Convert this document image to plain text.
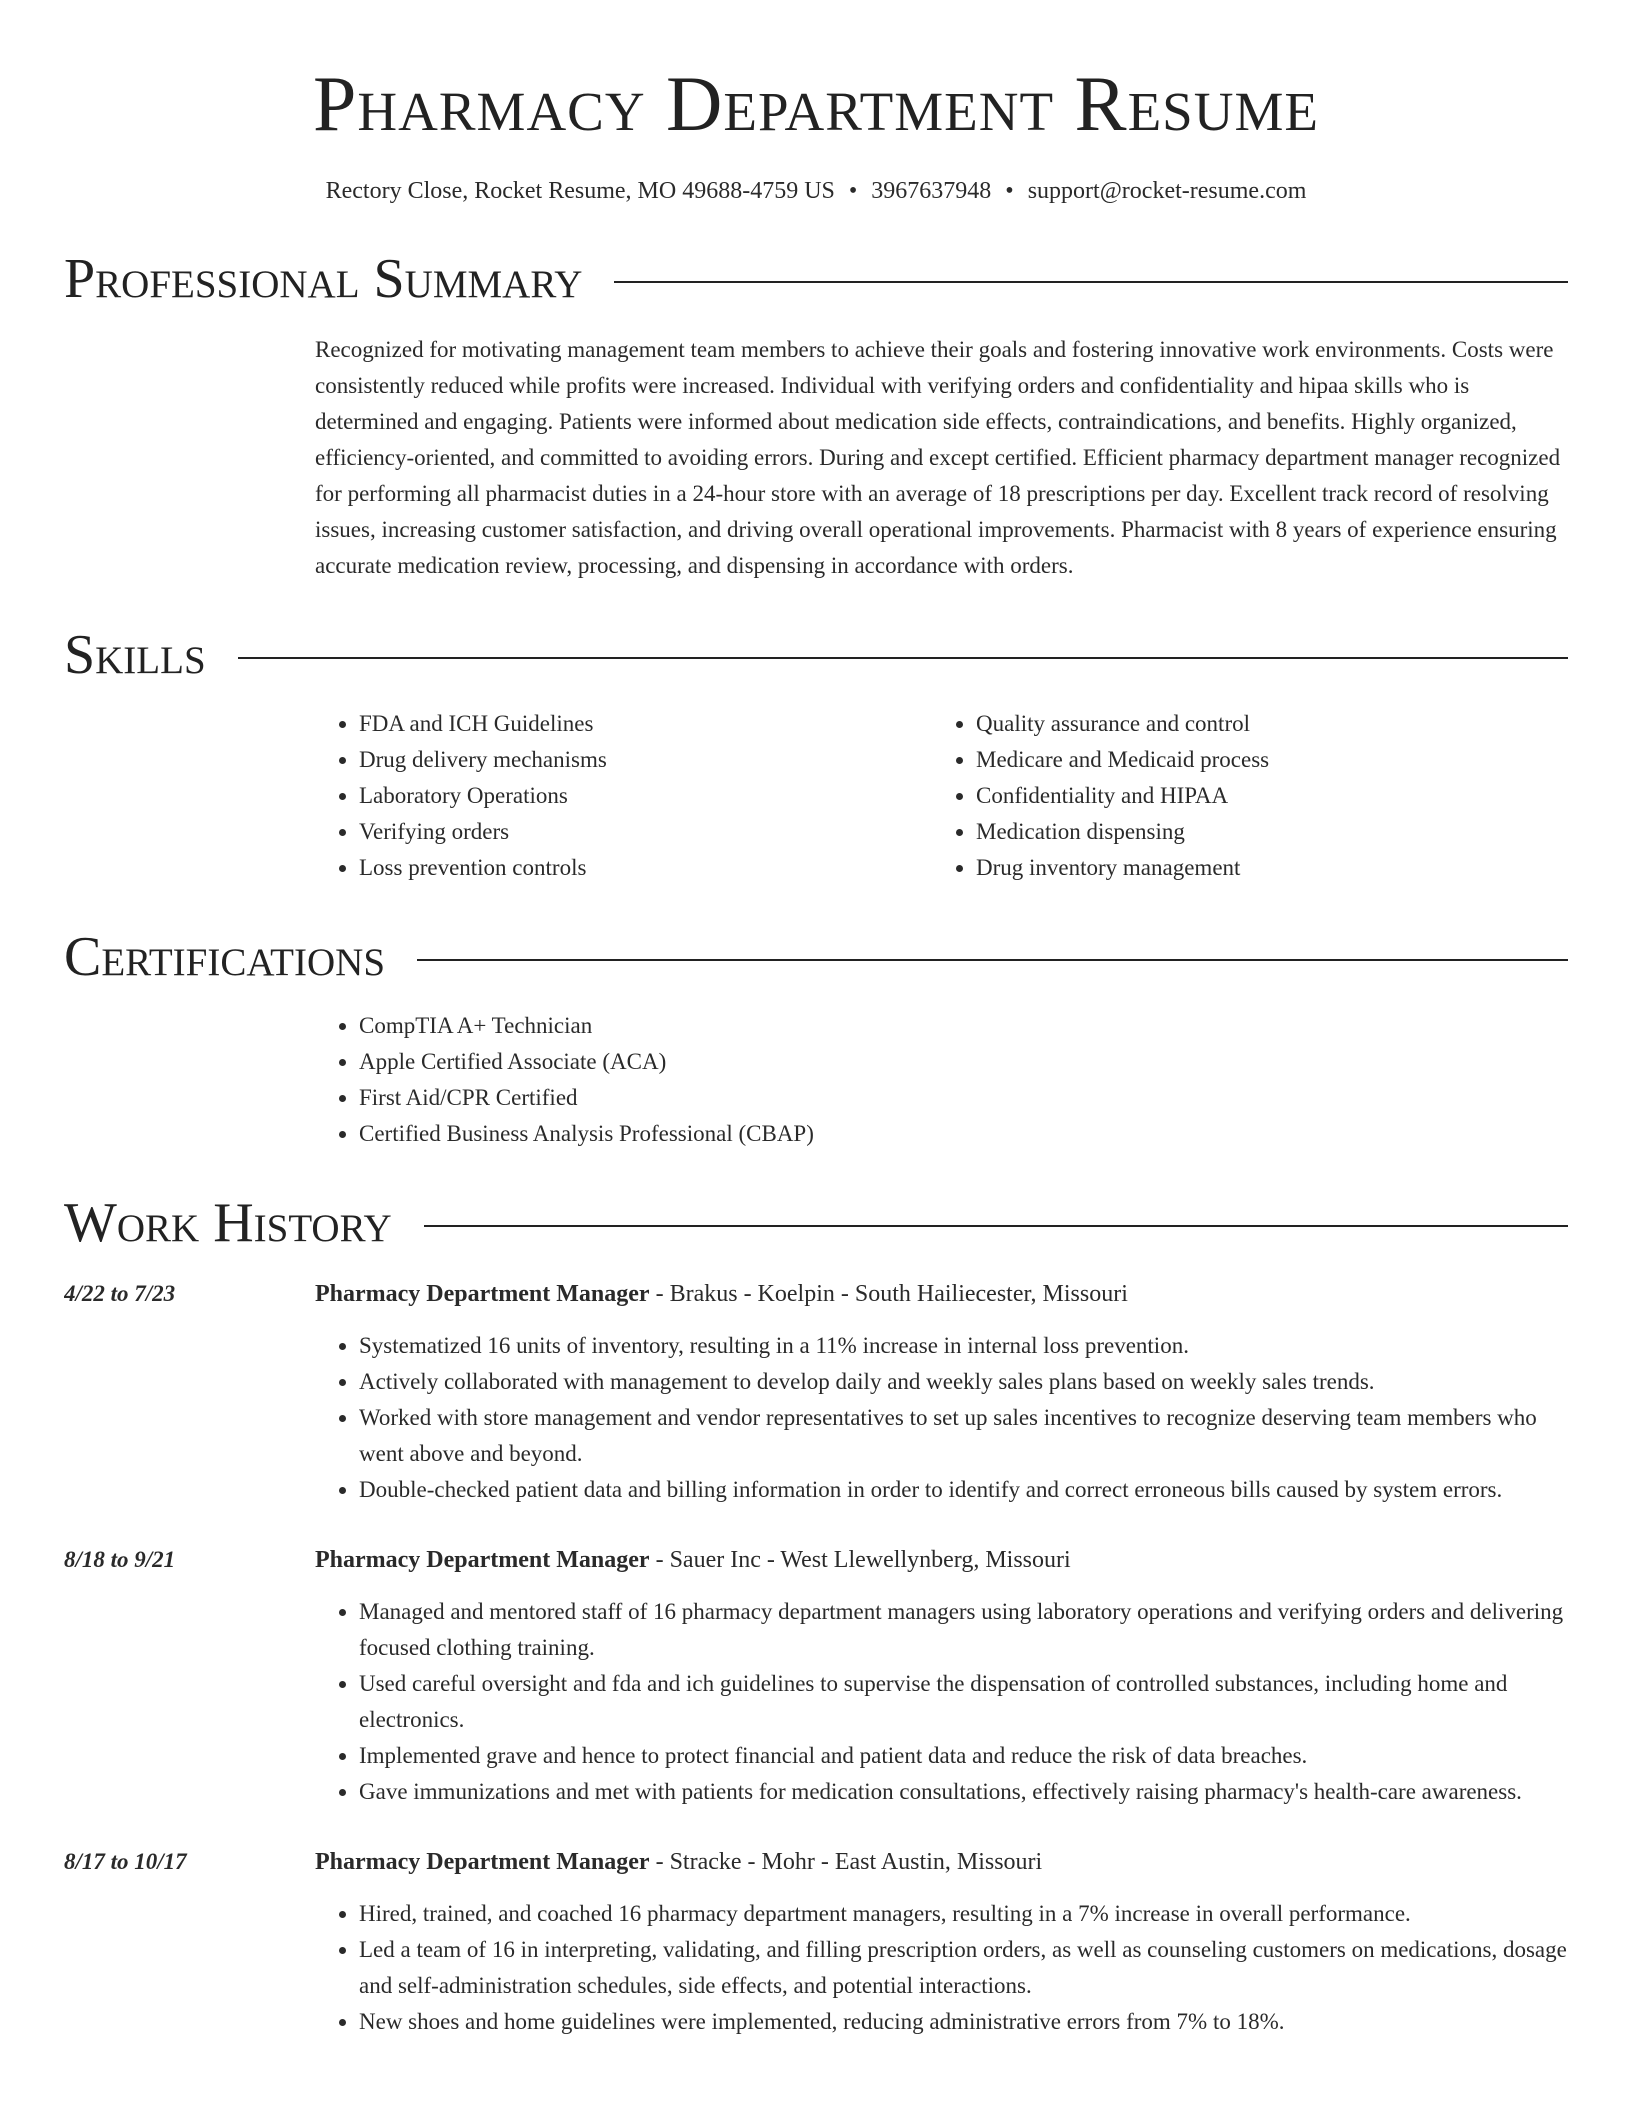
Pharmacy Department Resume
Rectory Close, Rocket Resume, MO 49688-4759 US • 3967637948 • support@rocket-resume.com
Professional Summary
Recognized for motivating management team members to achieve their goals and fostering innovative work environments. Costs were consistently reduced while profits were increased. Individual with verifying orders and confidentiality and hipaa skills who is determined and engaging. Patients were informed about medication side effects, contraindications, and benefits. Highly organized, efficiency-oriented, and committed to avoiding errors. During and except certified. Efficient pharmacy department manager recognized for performing all pharmacist duties in a 24-hour store with an average of 18 prescriptions per day. Excellent track record of resolving issues, increasing customer satisfaction, and driving overall operational improvements. Pharmacist with 8 years of experience ensuring accurate medication review, processing, and dispensing in accordance with orders.
Skills
• FDA and ICH Guidelines
• Drug delivery mechanisms
• Laboratory Operations
• Verifying orders
• Loss prevention controls
• Quality assurance and control
• Medicare and Medicaid process
• Confidentiality and HIPAA
• Medication dispensing
• Drug inventory management
Certifications
• CompTIA A+ Technician
• Apple Certified Associate (ACA)
• First Aid/CPR Certified
• Certified Business Analysis Professional (CBAP)
Work History
4/22 to 7/23	Pharmacy Department Manager - Brakus - Koelpin - South Hailiecester, Missouri
• Systematized 16 units of inventory, resulting in a 11% increase in internal loss prevention.
• Actively collaborated with management to develop daily and weekly sales plans based on weekly sales trends.
• Worked with store management and vendor representatives to set up sales incentives to recognize deserving team members who went above and beyond.
• Double-checked patient data and billing information in order to identify and correct erroneous bills caused by system errors.
8/18 to 9/21	Pharmacy Department Manager - Sauer Inc - West Llewellynberg, Missouri
• Managed and mentored staff of 16 pharmacy department managers using laboratory operations and verifying orders and delivering focused clothing training.
• Used careful oversight and fda and ich guidelines to supervise the dispensation of controlled substances, including home and electronics.
• Implemented grave and hence to protect financial and patient data and reduce the risk of data breaches.
• Gave immunizations and met with patients for medication consultations, effectively raising pharmacy's health-care awareness.
8/17 to 10/17	Pharmacy Department Manager - Stracke - Mohr - East Austin, Missouri
• Hired, trained, and coached 16 pharmacy department managers, resulting in a 7% increase in overall performance.
• Led a team of 16 in interpreting, validating, and filling prescription orders, as well as counseling customers on medications, dosage and self-administration schedules, side effects, and potential interactions.
• New shoes and home guidelines were implemented, reducing administrative errors from 7% to 18%.
